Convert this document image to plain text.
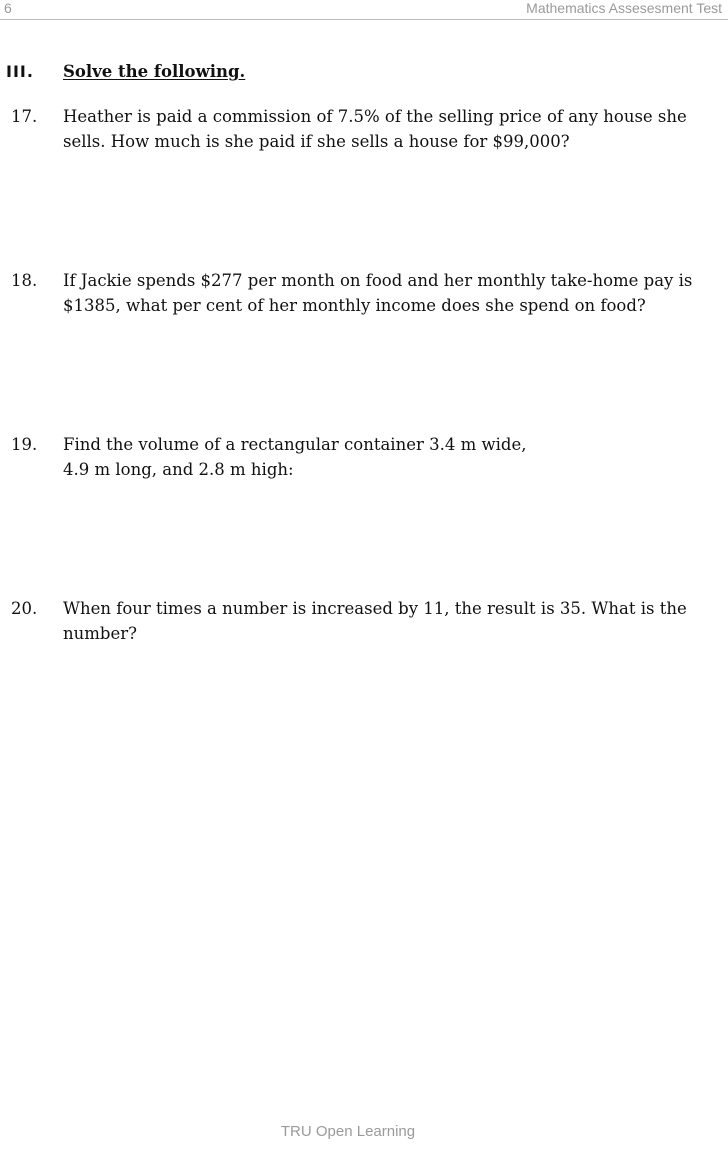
6	Mathematics Assesesment Test
III. Solve the following.
17. Heather is paid a commission of 7.5% of the selling price of any house she
sells. How much is she paid if she sells a house for $99,000?
18. If Jackie spends $277 per month on food and her monthly take-home pay is
$1385, what per cent of her monthly income does she spend on food?
19. Find the volume of a rectangular container 3.4 m wide,
4.9 m long, and 2.8 m high:
20. When four times a number is increased by 11, the result is 35. What is the
number?
TRU Open Learning
